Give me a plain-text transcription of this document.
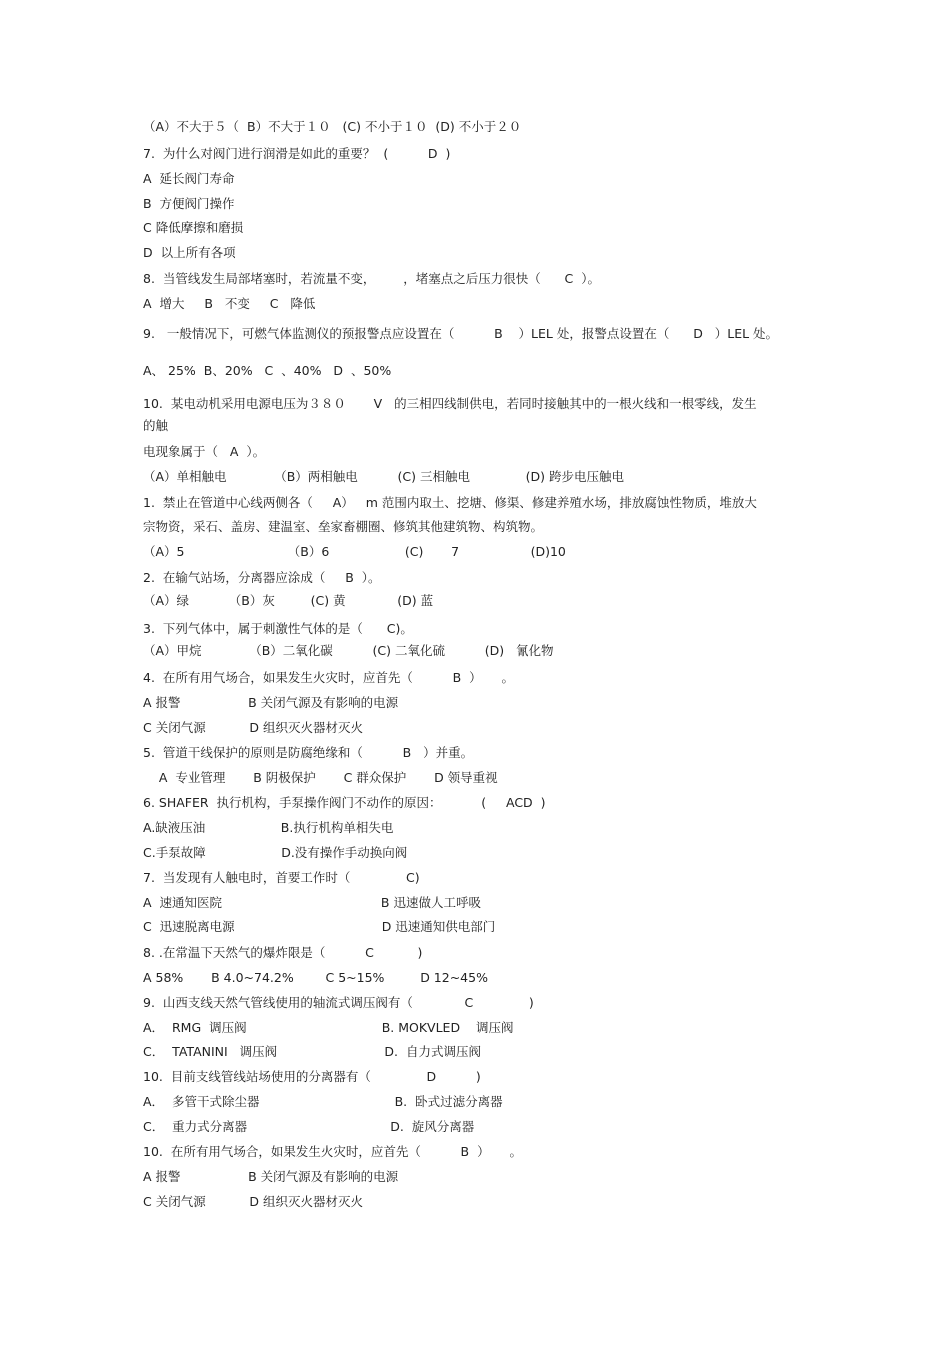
（A）不大于５（  B）不大于１０   (C) 不小于１０  (D) 不小于２０
7.  为什么对阀门进行润滑是如此的重要？  (          D  )
A  延长阀门寿命
B  方便阀门操作
C 降低摩擦和磨损
D  以上所有各项
8.  当管线发生局部堵塞时，若流量不变，       ，堵塞点之后压力很快（      C  ）。
A  增大     B   不变     C   降低
9.   一般情况下，可燃气体监测仪的预报警点应设置在（          B    ）LEL 处，报警点设置在（      D   ）LEL 处。
A、 25%  B、20%   C  、40%   D  、50%
10.  某电动机采用电源电压为３８０       V   的三相四线制供电，若同时接触其中的一根火线和一根零线，发生
的触
电现象属于（   A  ）。
（A）单相触电            （B）两相触电          (C) 三相触电              (D) 跨步电压触电
1.  禁止在管道中心线两侧各（     A）   m 范围内取土、挖塘、修渠、修建养殖水场，排放腐蚀性物质，堆放大
宗物资，采石、盖房、建温室、垒家畜棚圈、修筑其他建筑物、构筑物。
（A）5                          （B）6                   (C)       7                  (D)10
2.  在输气站场，分离器应涂成（     B  ）。
（A）绿          （B）灰         (C) 黄             (D) 蓝
3.  下列气体中，属于刺激性气体的是（      C)。
（A）甲烷            （B）二氧化碳          (C) 二氧化硫          (D)   氰化物
4.  在所有用气场合，如果发生火灾时，应首先（          B  ）     。
A 报警                 B 关闭气源及有影响的电源
C 关闭气源           D 组织灭火器材灭火
5.  管道干线保护的原则是防腐绝缘和（          B   ）并重。
A  专业管理       B 阴极保护       C 群众保护       D 领导重视
6. SHAFER  执行机构，手泵操作阀门不动作的原因：          (     ACD  )
A.缺液压油                   B.执行机构单相失电
C.手泵故障                   D.没有操作手动换向阀
7.  当发现有人触电时，首要工作时（              C)
A  速通知医院                                        B 迅速做人工呼吸
C  迅速脱离电源                                     D 迅速通知供电部门
8. .在常温下天然气的爆炸限是（          C           )
A 58%       B 4.0~74.2%        C 5~15%         D 12~45%
9.  山西支线天然气管线使用的轴流式调压阀有（             C              )
A．  RMG  调压阀                                  B. MOKVLED    调压阀
C．  TATANINI   调压阀                           D.  自力式调压阀
10.  目前支线管线站场使用的分离器有（              D          )
A．  多管干式除尘器                                  B.  卧式过滤分离器
C．  重力式分离器                                    D.  旋风分离器
10.  在所有用气场合，如果发生火灾时，应首先（          B  ）     。
A 报警                 B 关闭气源及有影响的电源
C 关闭气源           D 组织灭火器材灭火
